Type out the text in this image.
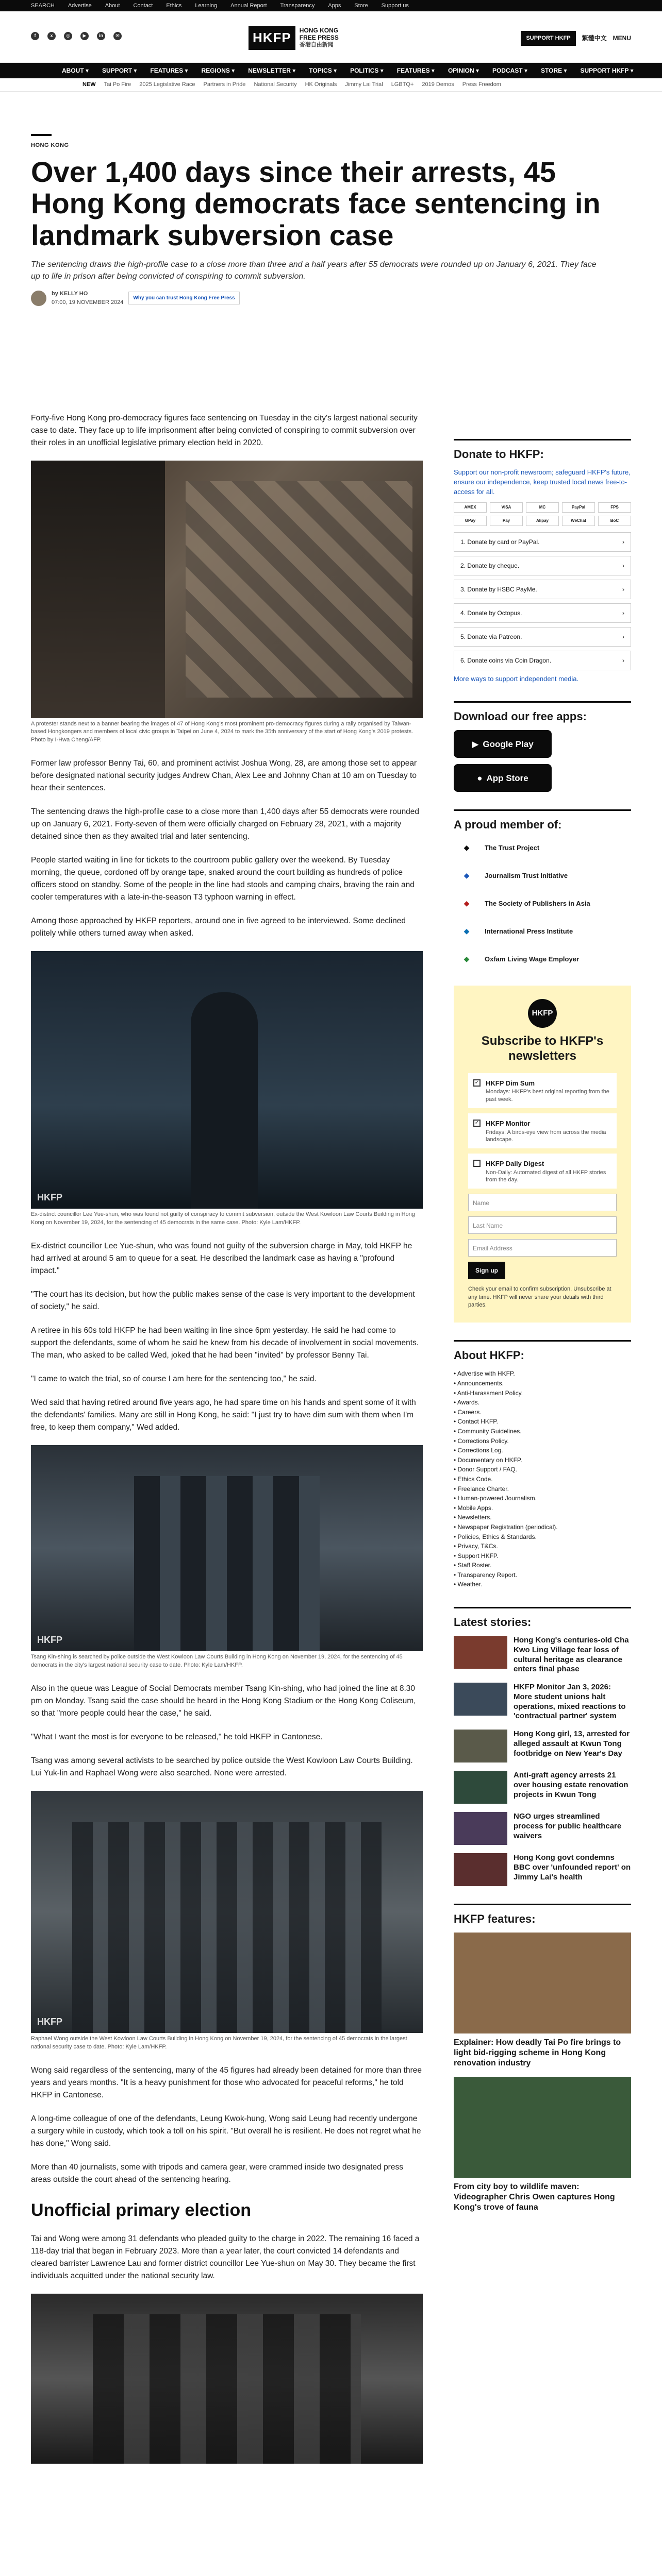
SEARCH Advertise About Contact Ethics Learning Annual Report Transparency Apps Store Support us
f	x	◎	▶	in	✉	HKFP	HONG KONG
FREE PRESS
香港自由新聞
SUPPORT HKFP	繁體中文 MENU
ABOUT ▾ SUPPORT ▾ FEATURES ▾ REGIONS ▾ NEWSLETTER ▾ TOPICS ▾ POLITICS ▾ FEATURES ▾ OPINION ▾ PODCAST ▾ STORE ▾ SUPPORT HKFP ▾
NEW Tai Po Fire 2025 Legislative Race Partners in Pride National Security HK Originals Jimmy Lai Trial LGBTQ+ 2019 Demos Press Freedom
HONG KONG
Over 1,400 days since their arrests, 45 Hong Kong democrats face sentencing in landmark subversion case
The sentencing draws the high-profile case to a close more than three and a half years after 55 democrats were rounded up on January 6, 2021. They face up to life in prison after being convicted of conspiring to commit subversion.
by KELLY HO
07:00, 19 NOVEMBER 2024
Why you can trust Hong Kong Free Press

Forty-five Hong Kong pro-democracy figures face sentencing on Tuesday in the city's largest national security case to date. They face up to life imprisonment after being convicted of conspiring to commit subversion over their roles in an unofficial legislative primary election held in 2020.

A protester stands next to a banner bearing the images of 47 of Hong Kong's most prominent pro-democracy figures during a rally organised by Taiwan-based Hongkongers and members of local civic groups in Taipei on June 4, 2024 to mark the 35th anniversary of the start of Hong Kong's 2019 protests. Photo by I-Hwa Cheng/AFP.

Former law professor Benny Tai, 60, and prominent activist Joshua Wong, 28, are among those set to appear before designated national security judges Andrew Chan, Alex Lee and Johnny Chan at 10 am on Tuesday to hear their sentences.

The sentencing draws the high-profile case to a close more than 1,400 days after 55 democrats were rounded up on January 6, 2021. Forty-seven of them were officially charged on February 28, 2021, with a majority detained since then as they awaited trial and later sentencing.

People started waiting in line for tickets to the courtroom public gallery over the weekend. By Tuesday morning, the queue, cordoned off by orange tape, snaked around the court building as hundreds of police officers stood on standby. Some of the people in the line had stools and camping chairs, braving the rain and cooler temperatures with a late-in-the-season T3 typhoon warning in effect.

Among those approached by HKFP reporters, around one in five agreed to be interviewed. Some declined politely while others turned away when asked.

HKFP
Ex-district councillor Lee Yue-shun, who was found not guilty of conspiracy to commit subversion, outside the West Kowloon Law Courts Building in Hong Kong on November 19, 2024, for the sentencing of 45 democrats in the same case. Photo: Kyle Lam/HKFP.

Ex-district councillor Lee Yue-shun, who was found not guilty of the subversion charge in May, told HKFP he had arrived at around 5 am to queue for a seat. He described the landmark case as having a "profound impact."

"The court has its decision, but how the public makes sense of the case is very important to the development of society," he said.

A retiree in his 60s told HKFP he had been waiting in line since 6pm yesterday. He said he had come to support the defendants, some of whom he said he knew from his decade of involvement in social movements. The man, who asked to be called Wed, joked that he had been "invited" by professor Benny Tai.

"I came to watch the trial, so of course I am here for the sentencing too," he said.

Wed said that having retired around five years ago, he had spare time on his hands and spent some of it with the defendants' families. Many are still in Hong Kong, he said: "I just try to have dim sum with them when I'm free, to keep them company," Wed added.

HKFP
Tsang Kin-shing is searched by police outside the West Kowloon Law Courts Building in Hong Kong on November 19, 2024, for the sentencing of 45 democrats in the city's largest national security case to date. Photo: Kyle Lam/HKFP.

Also in the queue was League of Social Democrats member Tsang Kin-shing, who had joined the line at 8.30 pm on Monday. Tsang said the case should be heard in the Hong Kong Stadium or the Hong Kong Coliseum, so that "more people could hear the case," he said.

"What I want the most is for everyone to be released," he told HKFP in Cantonese.

Tsang was among several activists to be searched by police outside the West Kowloon Law Courts Building. Lui Yuk-lin and Raphael Wong were also searched. None were arrested.

HKFP
Raphael Wong outside the West Kowloon Law Courts Building in Hong Kong on November 19, 2024, for the sentencing of 45 democrats in the largest national security case to date. Photo: Kyle Lam/HKFP.

Wong said regardless of the sentencing, many of the 45 figures had already been detained for more than three years and years months. "It is a heavy punishment for those who advocated for peaceful reforms," he told HKFP in Cantonese.

A long-time colleague of one of the defendants, Leung Kwok-hung, Wong said Leung had recently undergone a surgery while in custody, which took a toll on his spirit. "But overall he is resilient. He does not regret what he has done," Wong said.

More than 40 journalists, some with tripods and camera gear, were crammed inside two designated press areas outside the court ahead of the sentencing hearing.

Unofficial primary election

Tai and Wong were among 31 defendants who pleaded guilty to the charge in 2022. The remaining 16 faced a 118-day trial that began in February 2023. More than a year later, the court convicted 14 defendants and cleared barrister Lawrence Lau and former district councillor Lee Yue-shun on May 30. They became the first individuals acquitted under the national security law.

Donate to HKFP:

Support our non-profit newsroom; safeguard HKFP's future, ensure our independence, keep trusted local news free-to-access for all.

AMEX	VISA	MC	PayPal	FPS
GPay	Pay	Alipay	WeChat	BoC
1. Donate by card or PayPal.	›
2. Donate by cheque.	›
3. Donate by HSBC PayMe.	›
4. Donate by Octopus.	›
5. Donate via Patreon.	›
6. Donate coins via Coin Dragon.	›

More ways to support independent media.

Download our free apps:
▶ Google Play
● App Store
A proud member of:
◆	The Trust Project
◆	Journalism Trust Initiative
◆	The Society of Publishers in Asia
◆	International Press Institute
◆	Oxfam Living Wage Employer
HKFP
Subscribe to HKFP's newsletters
✓ HKFP Dim Sum
Mondays: HKFP's best original reporting from the past week.
✓ HKFP Monitor
Fridays: A birds-eye view from across the media landscape.
HKFP Daily Digest
Non-Daily: Automated digest of all HKFP stories from the day.
Name
Last Name
Email Address
Sign up
Check your email to confirm subscription. Unsubscribe at any time. HKFP will never share your details with third parties.
About HKFP:
• Advertise with HKFP.
• Announcements.
• Anti-Harassment Policy.
• Awards.
• Careers.
• Contact HKFP.
• Community Guidelines.
• Corrections Policy.
• Corrections Log.
• Documentary on HKFP.
• Donor Support / FAQ.
• Ethics Code.
• Freelance Charter.
• Human-powered Journalism.
• Mobile Apps.
• Newsletters.
• Newspaper Registration (periodical).
• Policies, Ethics & Standards.
• Privacy, T&Cs.
• Support HKFP.
• Staff Roster.
• Transparency Report.
• Weather.
Latest stories:
Hong Kong's centuries-old Cha Kwo Ling Village fear loss of cultural heritage as clearance enters final phase
HKFP Monitor Jan 3, 2026: More student unions halt operations, mixed reactions to 'contractual partner' system
Hong Kong girl, 13, arrested for alleged assault at Kwun Tong footbridge on New Year's Day
Anti-graft agency arrests 21 over housing estate renovation projects in Kwun Tong
NGO urges streamlined process for public healthcare waivers
Hong Kong govt condemns BBC over 'unfounded report' on Jimmy Lai's health
HKFP features:
Explainer: How deadly Tai Po fire brings to light bid-rigging scheme in Hong Kong renovation industry
From city boy to wildlife maven: Videographer Chris Owen captures Hong Kong's trove of fauna
